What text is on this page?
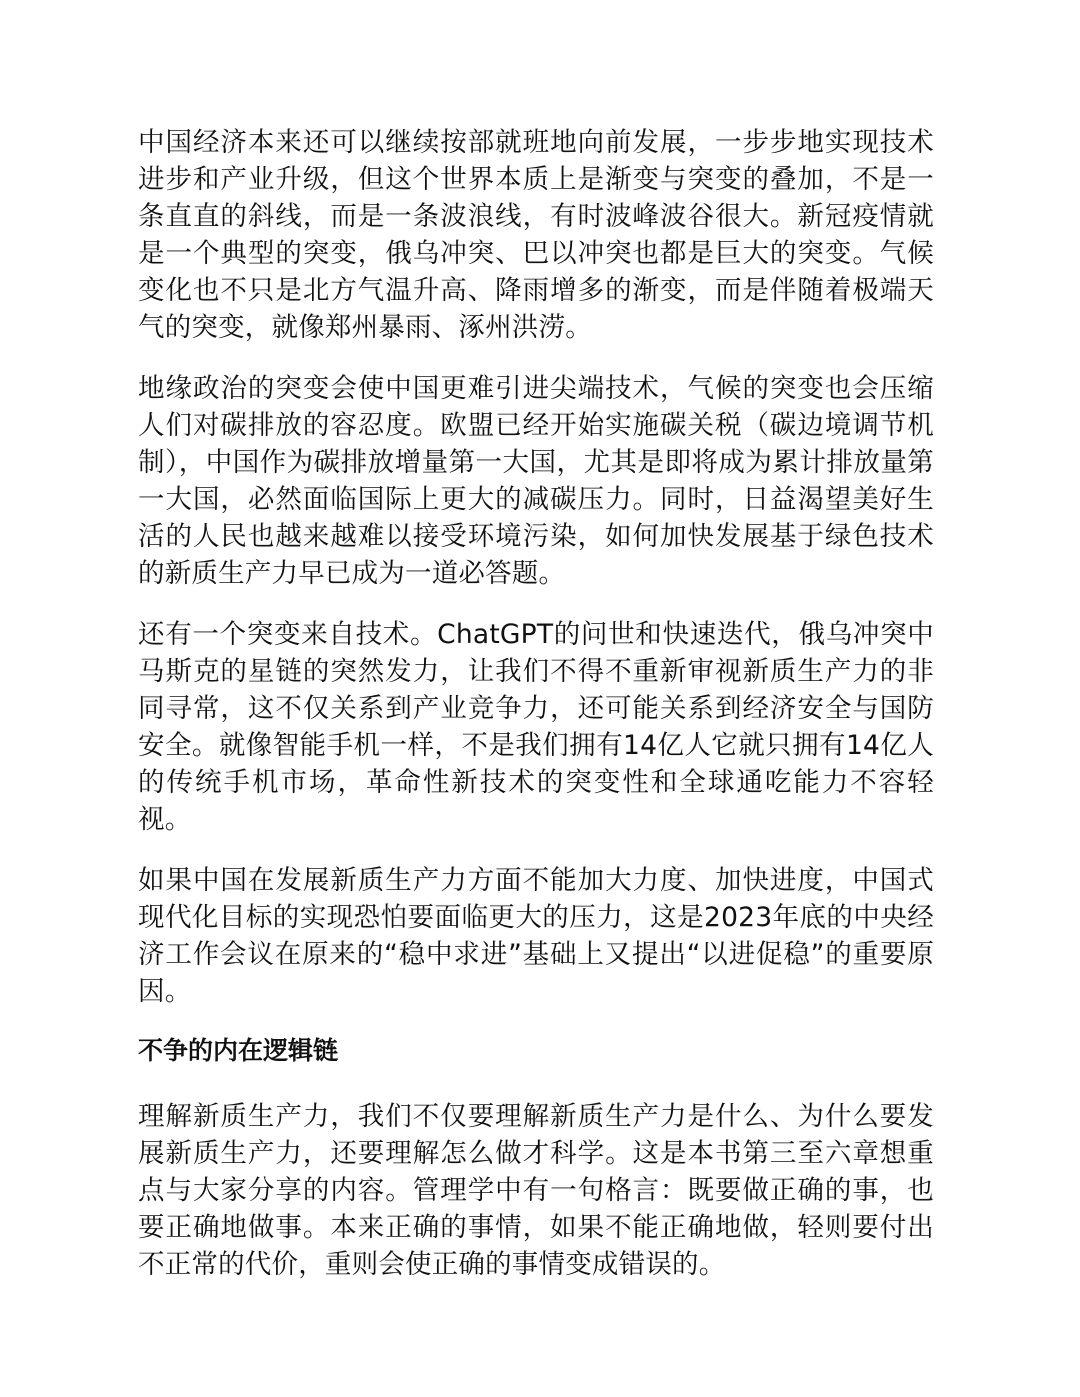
中国经济本来还可以继续按部就班地向前发展，一步步地实现技术进步和产业升级，但这个世界本质上是渐变与突变的叠加，不是一条直直的斜线，而是一条波浪线，有时波峰波谷很大。新冠疫情就是一个典型的突变，俄乌冲突、巴以冲突也都是巨大的突变。气候变化也不只是北方气温升高、降雨增多的渐变，而是伴随着极端天气的突变，就像郑州暴雨、涿州洪涝。

地缘政治的突变会使中国更难引进尖端技术，气候的突变也会压缩人们对碳排放的容忍度。欧盟已经开始实施碳关税（碳边境调节机制），中国作为碳排放增量第一大国，尤其是即将成为累计排放量第一大国，必然面临国际上更大的减碳压力。同时，日益渴望美好生活的人民也越来越难以接受环境污染，如何加快发展基于绿色技术的新质生产力早已成为一道必答题。

还有一个突变来自技术。ChatGPT的问世和快速迭代，俄乌冲突中马斯克的星链的突然发力，让我们不得不重新审视新质生产力的非同寻常，这不仅关系到产业竞争力，还可能关系到经济安全与国防安全。就像智能手机一样，不是我们拥有14亿人它就只拥有14亿人的传统手机市场，革命性新技术的突变性和全球通吃能力不容轻视。

如果中国在发展新质生产力方面不能加大力度、加快进度，中国式现代化目标的实现恐怕要面临更大的压力，这是2023年底的中央经济工作会议在原来的“稳中求进”基础上又提出“以进促稳”的重要原因。

不争的内在逻辑链

理解新质生产力，我们不仅要理解新质生产力是什么、为什么要发展新质生产力，还要理解怎么做才科学。这是本书第三至六章想重点与大家分享的内容。管理学中有一句格言：既要做正确的事，也要正确地做事。本来正确的事情，如果不能正确地做，轻则要付出不正常的代价，重则会使正确的事情变成错误的。
